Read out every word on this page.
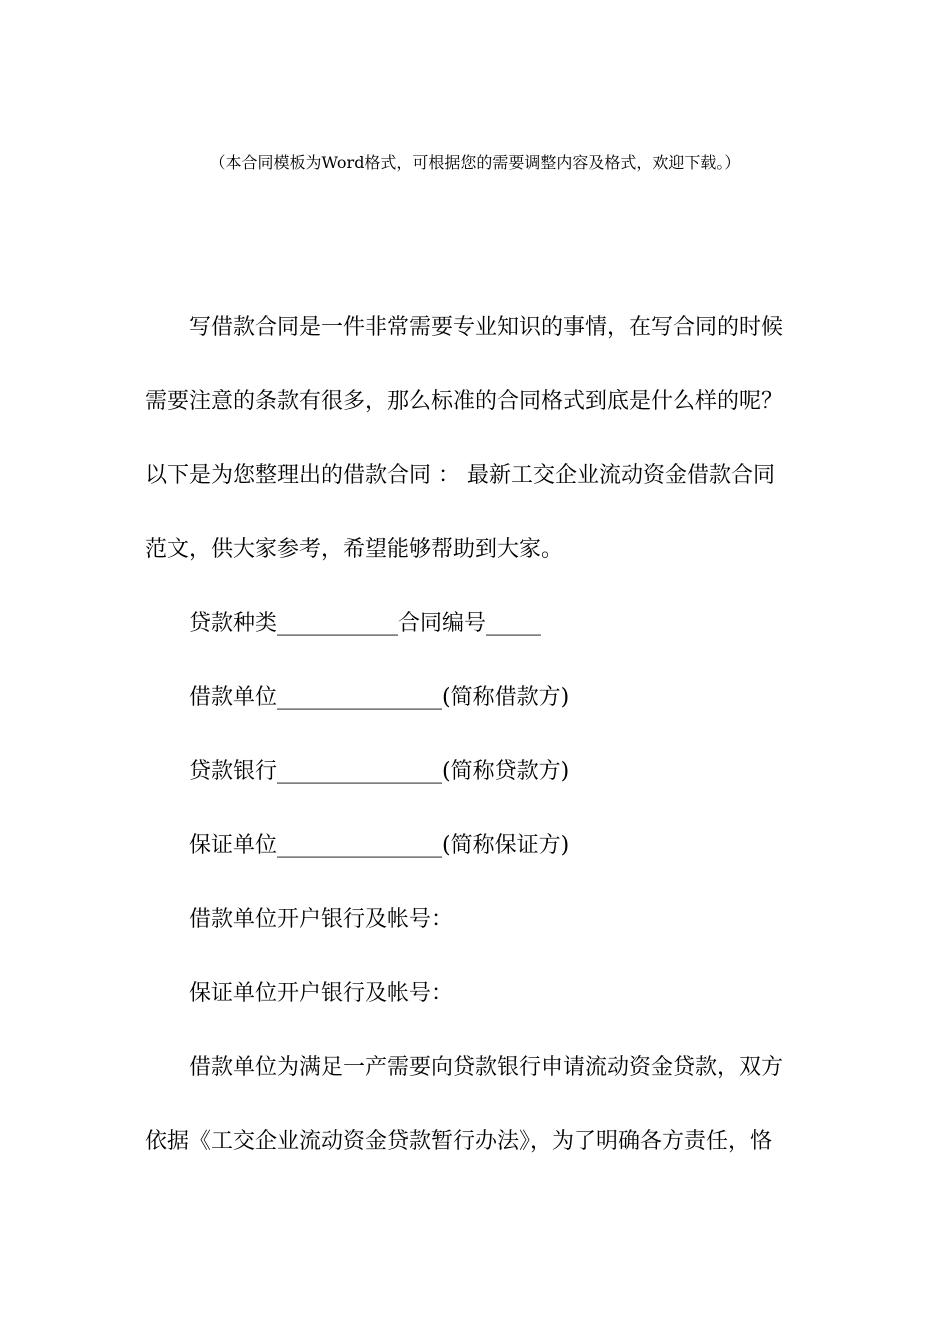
（本合同模板为Word格式，可根据您的需要调整内容及格式，欢迎下载。）
写借款合同是一件非常需要专业知识的事情，在写合同的时候
需要注意的条款有很多，那么标准的合同格式到底是什么样的呢？
以下是为您整理出的借款合同 ： 最新工交企业流动资金借款合同
范文，供大家参考，希望能够帮助到大家。
贷款种类___________合同编号_____
借款单位_______________(简称借款方)
贷款银行_______________(简称贷款方)
保证单位_______________(简称保证方)
借款单位开户银行及帐号：
保证单位开户银行及帐号：
借款单位为满足一产需要向贷款银行申请流动资金贷款，双方
依据《工交企业流动资金贷款暂行办法》，为了明确各方责任，恪
